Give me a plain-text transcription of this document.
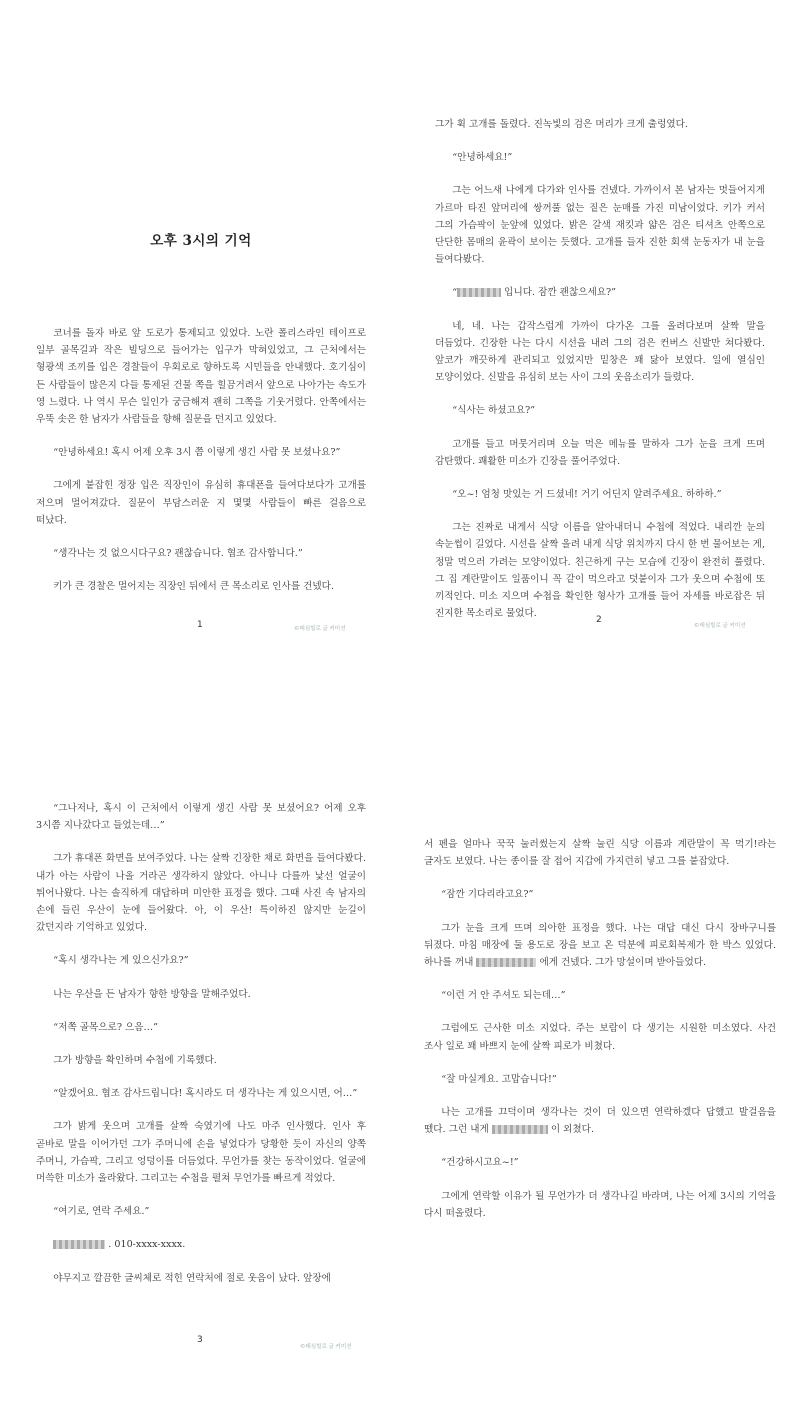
오후 3시의 기억

코너를 돌자 바로 앞 도로가 통제되고 있었다. 노란 폴리스라인 테이프로 일부 골목길과 작은 빌딩으로 들어가는 입구가 막혀있었고, 그 근처에서는 형광색 조끼를 입은 경찰들이 우회로로 향하도록 시민들을 안내했다. 호기심이 든 사람들이 많은지 다들 통제된 건물 쪽을 힐끔거려서 앞으로 나아가는 속도가 영 느렸다. 나 역시 무슨 일인가 궁금해져 괜히 그쪽을 기웃거렸다. 안쪽에서는 우뚝 솟은 한 남자가 사람들을 향해 질문을 던지고 있었다.

“안녕하세요! 혹시 어제 오후 3시 쯤 이렇게 생긴 사람 못 보셨나요?”

그에게 붙잡힌 정장 입은 직장인이 유심히 휴대폰을 들여다보다가 고개를 저으며 멀어져갔다. 질문이 부담스러운 지 몇몇 사람들이 빠른 걸음으로 떠났다.

“생각나는 것 없으시다구요? 괜찮습니다. 협조 감사합니다.”

키가 큰 경찰은 멀어지는 직장인 뒤에서 큰 목소리로 인사를 건넸다.

1	©태심힐로 글 커미션

그가 휙 고개를 돌렸다. 진녹빛의 검은 머리가 크게 출렁였다.

“안녕하세요!”

그는 어느새 나에게 다가와 인사를 건넸다. 가까이서 본 남자는 멋들어지게 가르마 타진 앞머리에 쌍꺼풀 없는 짙은 눈매를 가진 미남이었다. 키가 커서 그의 가슴팍이 눈앞에 있었다. 밝은 갈색 재킷과 얇은 검은 티셔츠 안쪽으로 단단한 몸매의 윤곽이 보이는 듯했다. 고개를 들자 진한 회색 눈동자가 내 눈을 들여다봤다.

“	입니다. 잠깐 괜찮으세요?”

네, 네. 나는 갑작스럽게 가까이 다가온 그를 올려다보며 살짝 말을 더듬었다. 긴장한 나는 다시 시선을 내려 그의 검은 컨버스 신발만 쳐다봤다. 앞코가 깨끗하게 관리되고 있었지만 밑창은 꽤 닳아 보였다. 일에 열심인 모양이었다. 신발을 유심히 보는 사이 그의 웃음소리가 들렸다.

“식사는 하셨고요?”

고개를 들고 머뭇거리며 오늘 먹은 메뉴를 말하자 그가 눈을 크게 뜨며 감탄했다. 쾌활한 미소가 긴장을 풀어주었다.

“오~! 엄청 맛있는 거 드셨네! 거기 어딘지 알려주세요. 하하하.”

그는 진짜로 내게서 식당 이름을 알아내더니 수첩에 적었다. 내리깐 눈의 속눈썹이 길었다. 시선을 살짝 올려 내게 식당 위치까지 다시 한 번 물어보는 게, 정말 먹으러 가려는 모양이었다. 친근하게 구는 모습에 긴장이 완전히 풀렸다. 그 집 계란말이도 일품이니 꼭 같이 먹으라고 덧붙이자 그가 웃으며 수첩에 또 끼적인다. 미소 지으며 수첩을 확인한 형사가 고개를 들어 자세를 바로잡은 뒤 진지한 목소리로 물었다.

2
©태심힐로 글 커미션

“그나저나, 혹시 이 근처에서 이렇게 생긴 사람 못 보셨어요? 어제 오후 3시쯤 지나갔다고 들었는데…”

그가 휴대폰 화면을 보여주었다. 나는 살짝 긴장한 채로 화면을 들여다봤다. 내가 아는 사람이 나올 거라곤 생각하지 않았다. 아니나 다를까 낯선 얼굴이 튀어나왔다. 나는 솔직하게 대답하며 미안한 표정을 했다. 그때 사진 속 남자의 손에 들린 우산이 눈에 들어왔다. 아, 이 우산! 특이하진 않지만 눈길이 갔던지라 기억하고 있었다.

“혹시 생각나는 게 있으신가요?”

나는 우산을 든 남자가 향한 방향을 말해주었다.

“저쪽 골목으로? 으음…”

그가 방향을 확인하며 수첩에 기록했다.

“알겠어요. 협조 감사드립니다! 혹시라도 더 생각나는 게 있으시면, 어…”

그가 밝게 웃으며 고개를 살짝 숙였기에 나도 마주 인사했다. 인사 후 곧바로 말을 이어가던 그가 주머니에 손을 넣었다가 당황한 듯이 자신의 양쪽 주머니, 가슴팍, 그리고 엉덩이를 더듬었다. 무언가를 찾는 동작이었다. 얼굴에 머쓱한 미소가 올라왔다. 그리고는 수첩을 펼쳐 무언가를 빠르게 적었다.

“여기로, 연락 주세요.”

. 010-xxxx-xxxx.

야무지고 깔끔한 글씨체로 적힌 연락처에 절로 웃음이 났다. 앞장에

3
©태심힐로 글 커미션

서 펜을 얼마나 꾹꾹 눌러썼는지 살짝 눌린 식당 이름과 계란말이 꼭 먹기!라는 글자도 보였다. 나는 종이를 잘 접어 지갑에 가지런히 넣고 그를 붙잡았다.

“잠깐 기다리라고요?”

그가 눈을 크게 뜨며 의아한 표정을 했다. 나는 대답 대신 다시 장바구니를 뒤졌다. 마침 매장에 둘 용도로 장을 보고 온 덕분에 피로회복제가 한 박스 있었다. 하나를 꺼내	에게 건넸다. 그가 망설이며 받아들었다.

“이런 거 안 주셔도 되는데…”

그럼에도 근사한 미소 지었다. 주는 보람이 다 생기는 시원한 미소였다. 사건 조사 일로 꽤 바쁘지 눈에 살짝 피로가 비쳤다.

“잘 마실게요. 고맙습니다!”

나는 고개를 끄덕이며 생각나는 것이 더 있으면 연락하겠다 답했고 발걸음을 뗐다. 그런 내게	이 외쳤다.

“건강하시고요~!”

그에게 연락할 이유가 될 무언가가 더 생각나길 바라며, 나는 어제 3시의 기억을 다시 떠올렸다.
